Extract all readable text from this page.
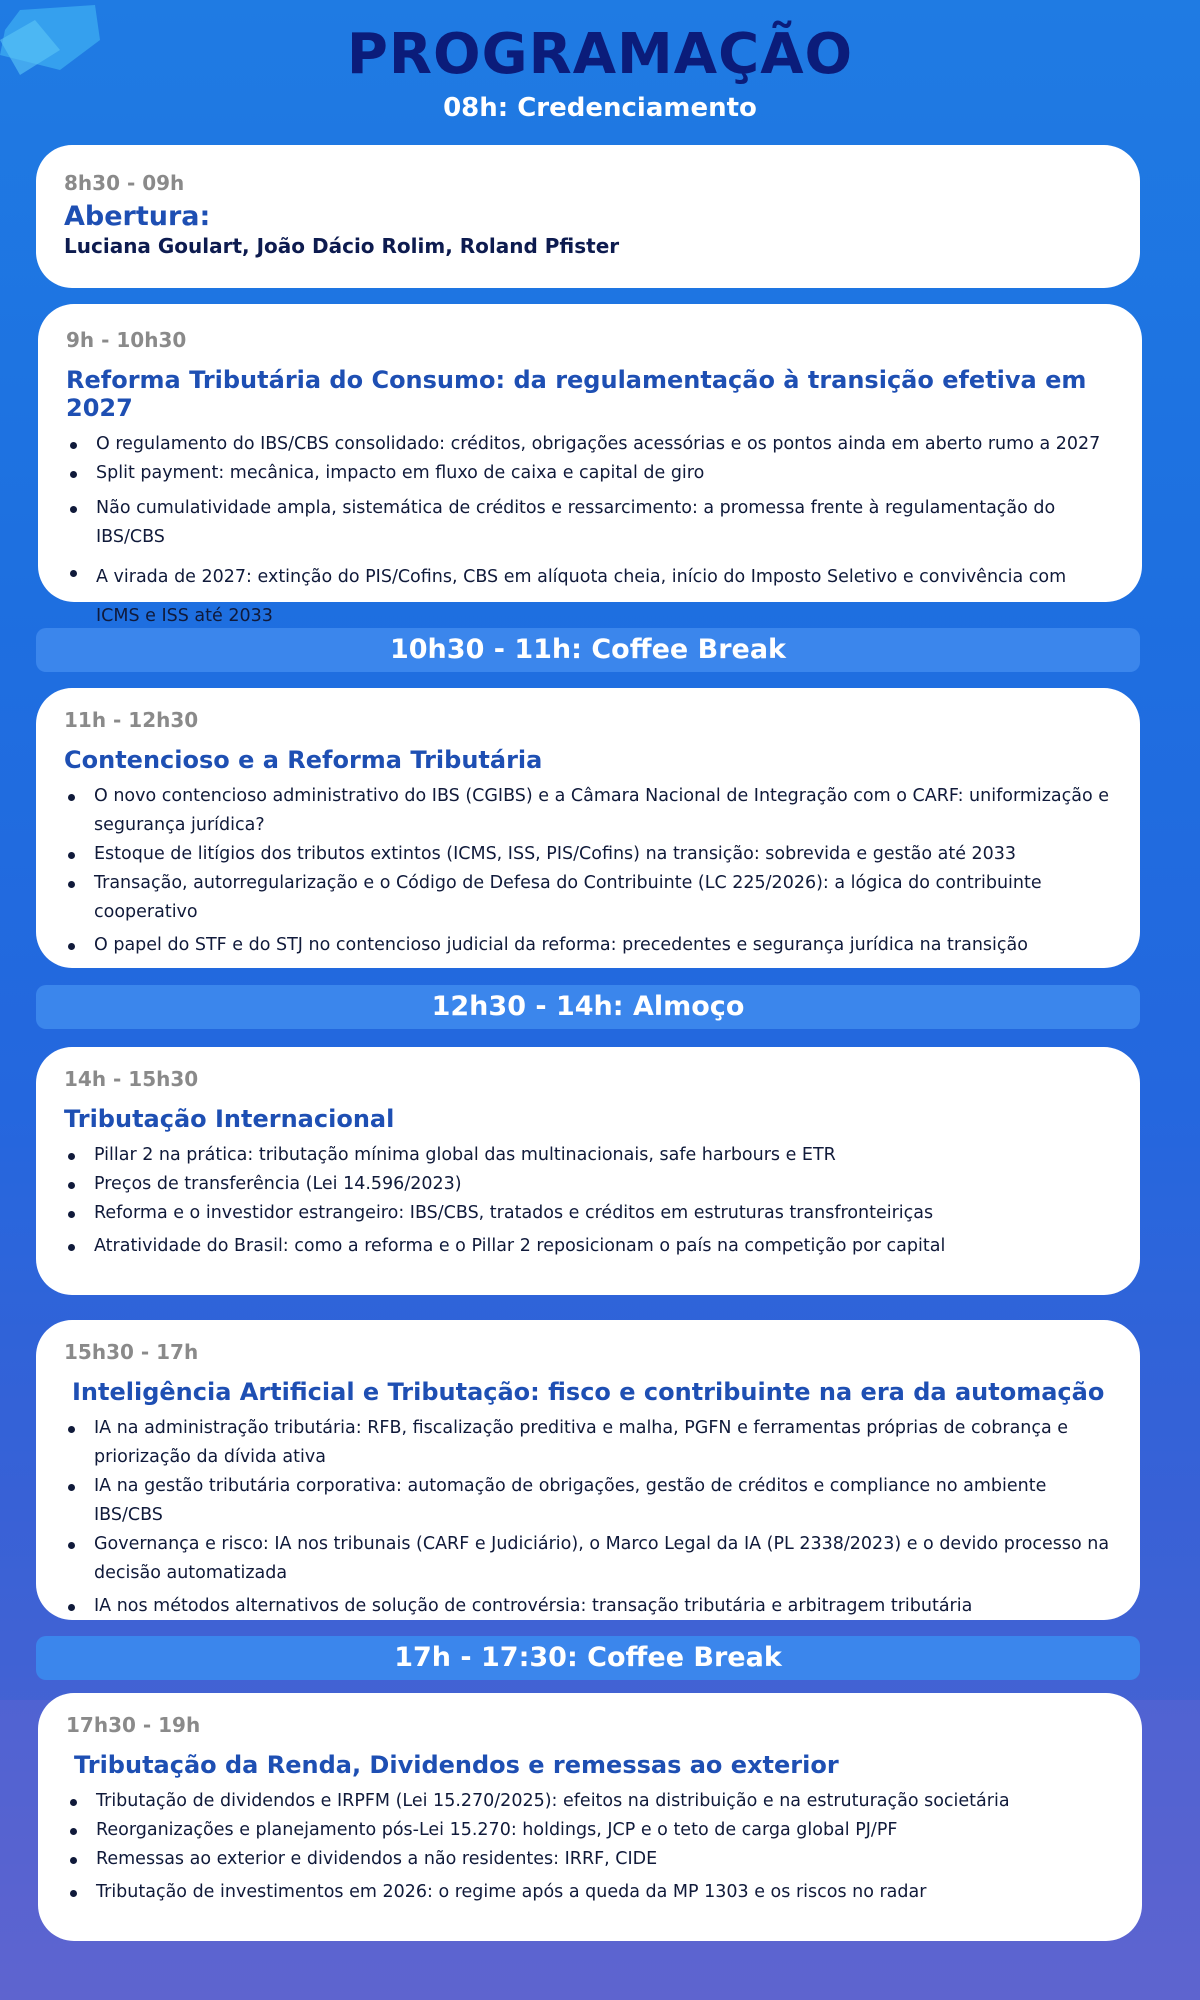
PROGRAMAÇÃO
08h: Credenciamento
8h30 - 09h
Abertura:
Luciana Goulart, João Dácio Rolim, Roland Pfister
9h - 10h30
Reforma Tributária do Consumo: da regulamentação à transição efetiva em 2027
O regulamento do IBS/CBS consolidado: créditos, obrigações acessórias e os pontos ainda em aberto rumo a 2027
Split payment: mecânica, impacto em fluxo de caixa e capital de giro
Não cumulatividade ampla, sistemática de créditos e ressarcimento: a promessa frente à regulamentação do IBS/CBS
A virada de 2027: extinção do PIS/Cofins, CBS em alíquota cheia, início do Imposto Seletivo e convivência com ICMS e ISS até 2033
10h30 - 11h: Coffee Break
11h - 12h30
Contencioso e a Reforma Tributária
O novo contencioso administrativo do IBS (CGIBS) e a Câmara Nacional de Integração com o CARF: uniformização e segurança jurídica?
Estoque de litígios dos tributos extintos (ICMS, ISS, PIS/Cofins) na transição: sobrevida e gestão até 2033
Transação, autorregularização e o Código de Defesa do Contribuinte (LC 225/2026): a lógica do contribuinte cooperativo
O papel do STF e do STJ no contencioso judicial da reforma: precedentes e segurança jurídica na transição
12h30 - 14h: Almoço
14h - 15h30
Tributação Internacional
Pillar 2 na prática: tributação mínima global das multinacionais, safe harbours e ETR
Preços de transferência (Lei 14.596/2023)
Reforma e o investidor estrangeiro: IBS/CBS, tratados e créditos em estruturas transfronteiriças
Atratividade do Brasil: como a reforma e o Pillar 2 reposicionam o país na competição por capital
15h30 - 17h
Inteligência Artificial e Tributação: fisco e contribuinte na era da automação
IA na administração tributária: RFB, fiscalização preditiva e malha, PGFN e ferramentas próprias de cobrança e priorização da dívida ativa
IA na gestão tributária corporativa: automação de obrigações, gestão de créditos e compliance no ambiente IBS/CBS
Governança e risco: IA nos tribunais (CARF e Judiciário), o Marco Legal da IA (PL 2338/2023) e o devido processo na decisão automatizada
IA nos métodos alternativos de solução de controvérsia: transação tributária e arbitragem tributária
17h - 17:30: Coffee Break
17h30 - 19h
Tributação da Renda, Dividendos e remessas ao exterior
Tributação de dividendos e IRPFM (Lei 15.270/2025): efeitos na distribuição e na estruturação societária
Reorganizações e planejamento pós-Lei 15.270: holdings, JCP e o teto de carga global PJ/PF
Remessas ao exterior e dividendos a não residentes: IRRF, CIDE
Tributação de investimentos em 2026: o regime após a queda da MP 1303 e os riscos no radar
